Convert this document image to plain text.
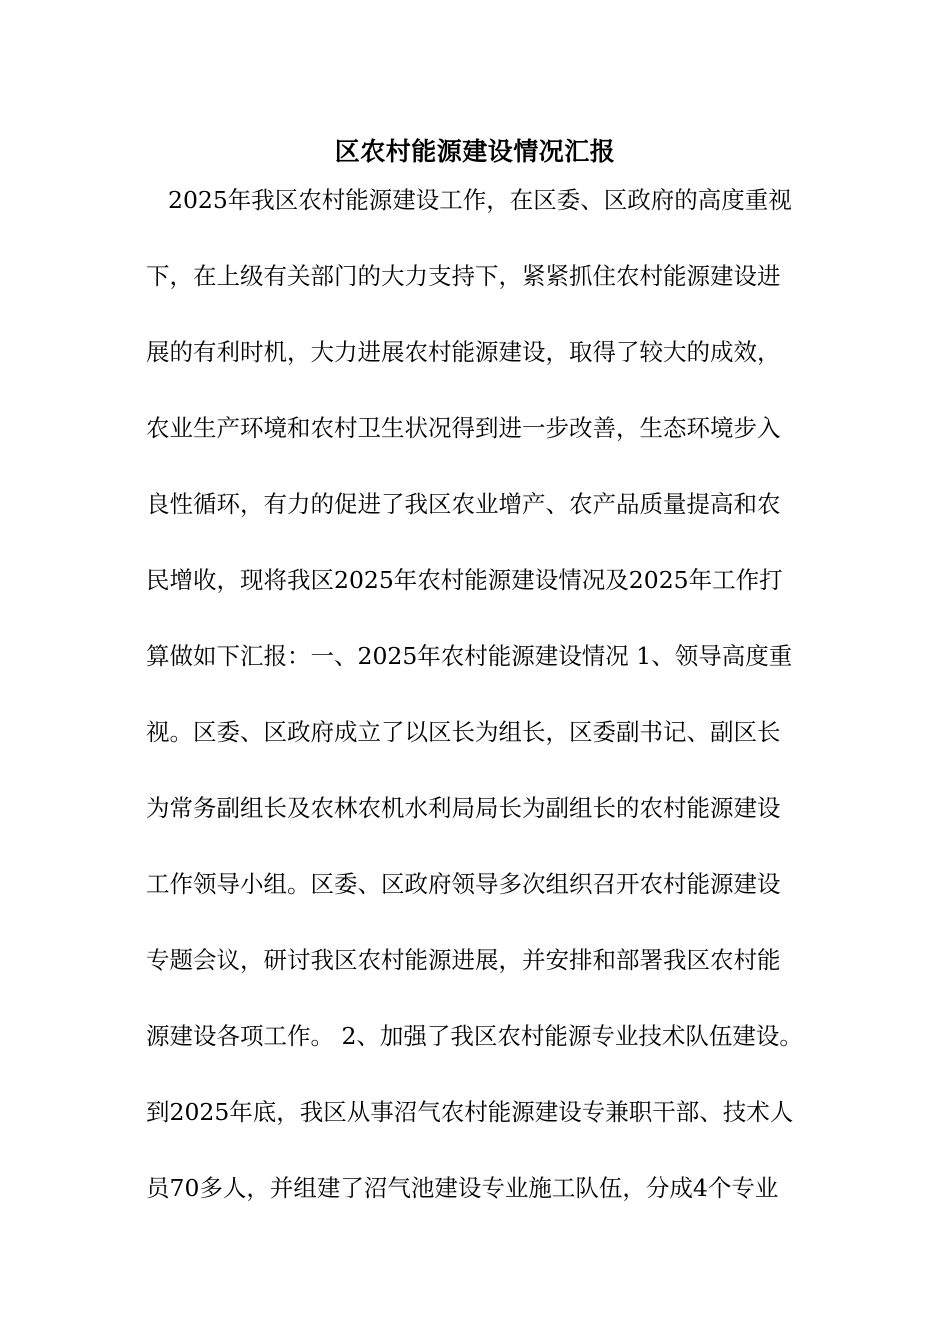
区农村能源建设情况汇报
2025年我区农村能源建设工作，在区委、区政府的高度重视
下，在上级有关部门的大力支持下，紧紧抓住农村能源建设进
展的有利时机，大力进展农村能源建设，取得了较大的成效，
农业生产环境和农村卫生状况得到进一步改善，生态环境步入
良性循环，有力的促进了我区农业增产、农产品质量提高和农
民增收，现将我区2025年农村能源建设情况及2025年工作打
算做如下汇报：一、2025年农村能源建设情况 1、领导高度重
视。区委、区政府成立了以区长为组长，区委副书记、副区长
为常务副组长及农林农机水利局局长为副组长的农村能源建设
工作领导小组。区委、区政府领导多次组织召开农村能源建设
专题会议，研讨我区农村能源进展，并安排和部署我区农村能
源建设各项工作。 2、加强了我区农村能源专业技术队伍建设。
到2025年底，我区从事沼气农村能源建设专兼职干部、技术人
员70多人，并组建了沼气池建设专业施工队伍，分成4个专业
